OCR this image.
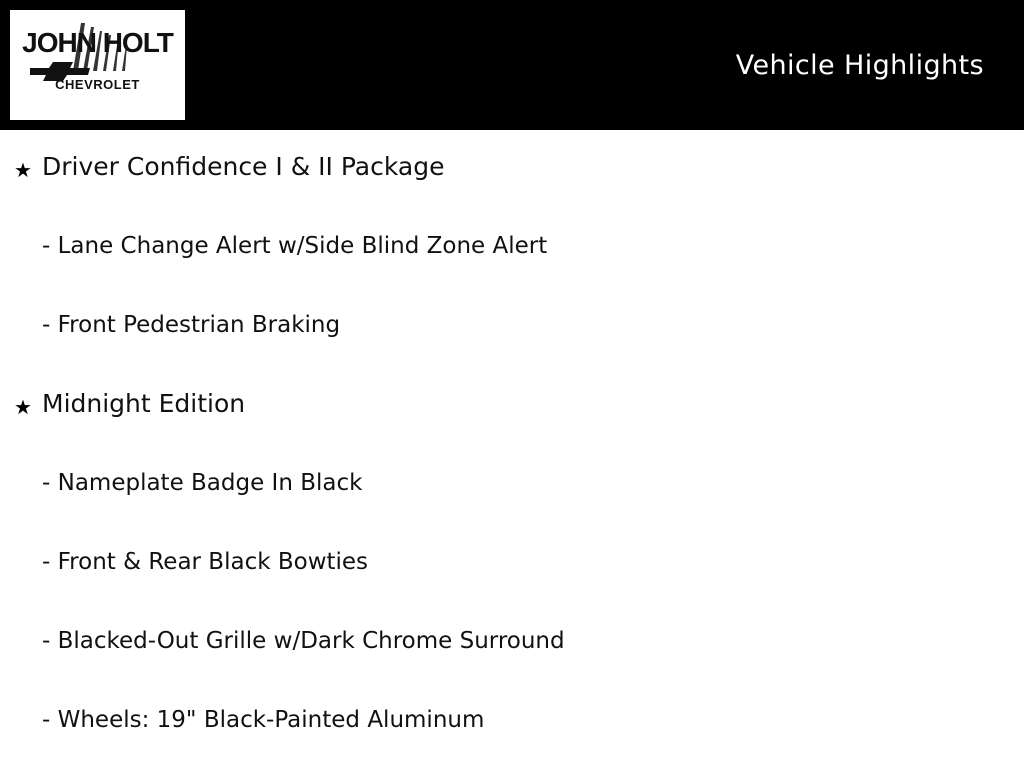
JOHN HOLT
CHEVROLET
Vehicle Highlights
★ Driver Confidence I & II Package
- Lane Change Alert w/Side Blind Zone Alert
- Front Pedestrian Braking
★ Midnight Edition
- Nameplate Badge In Black
- Front & Rear Black Bowties
- Blacked-Out Grille w/Dark Chrome Surround
- Wheels: 19" Black-Painted Aluminum
